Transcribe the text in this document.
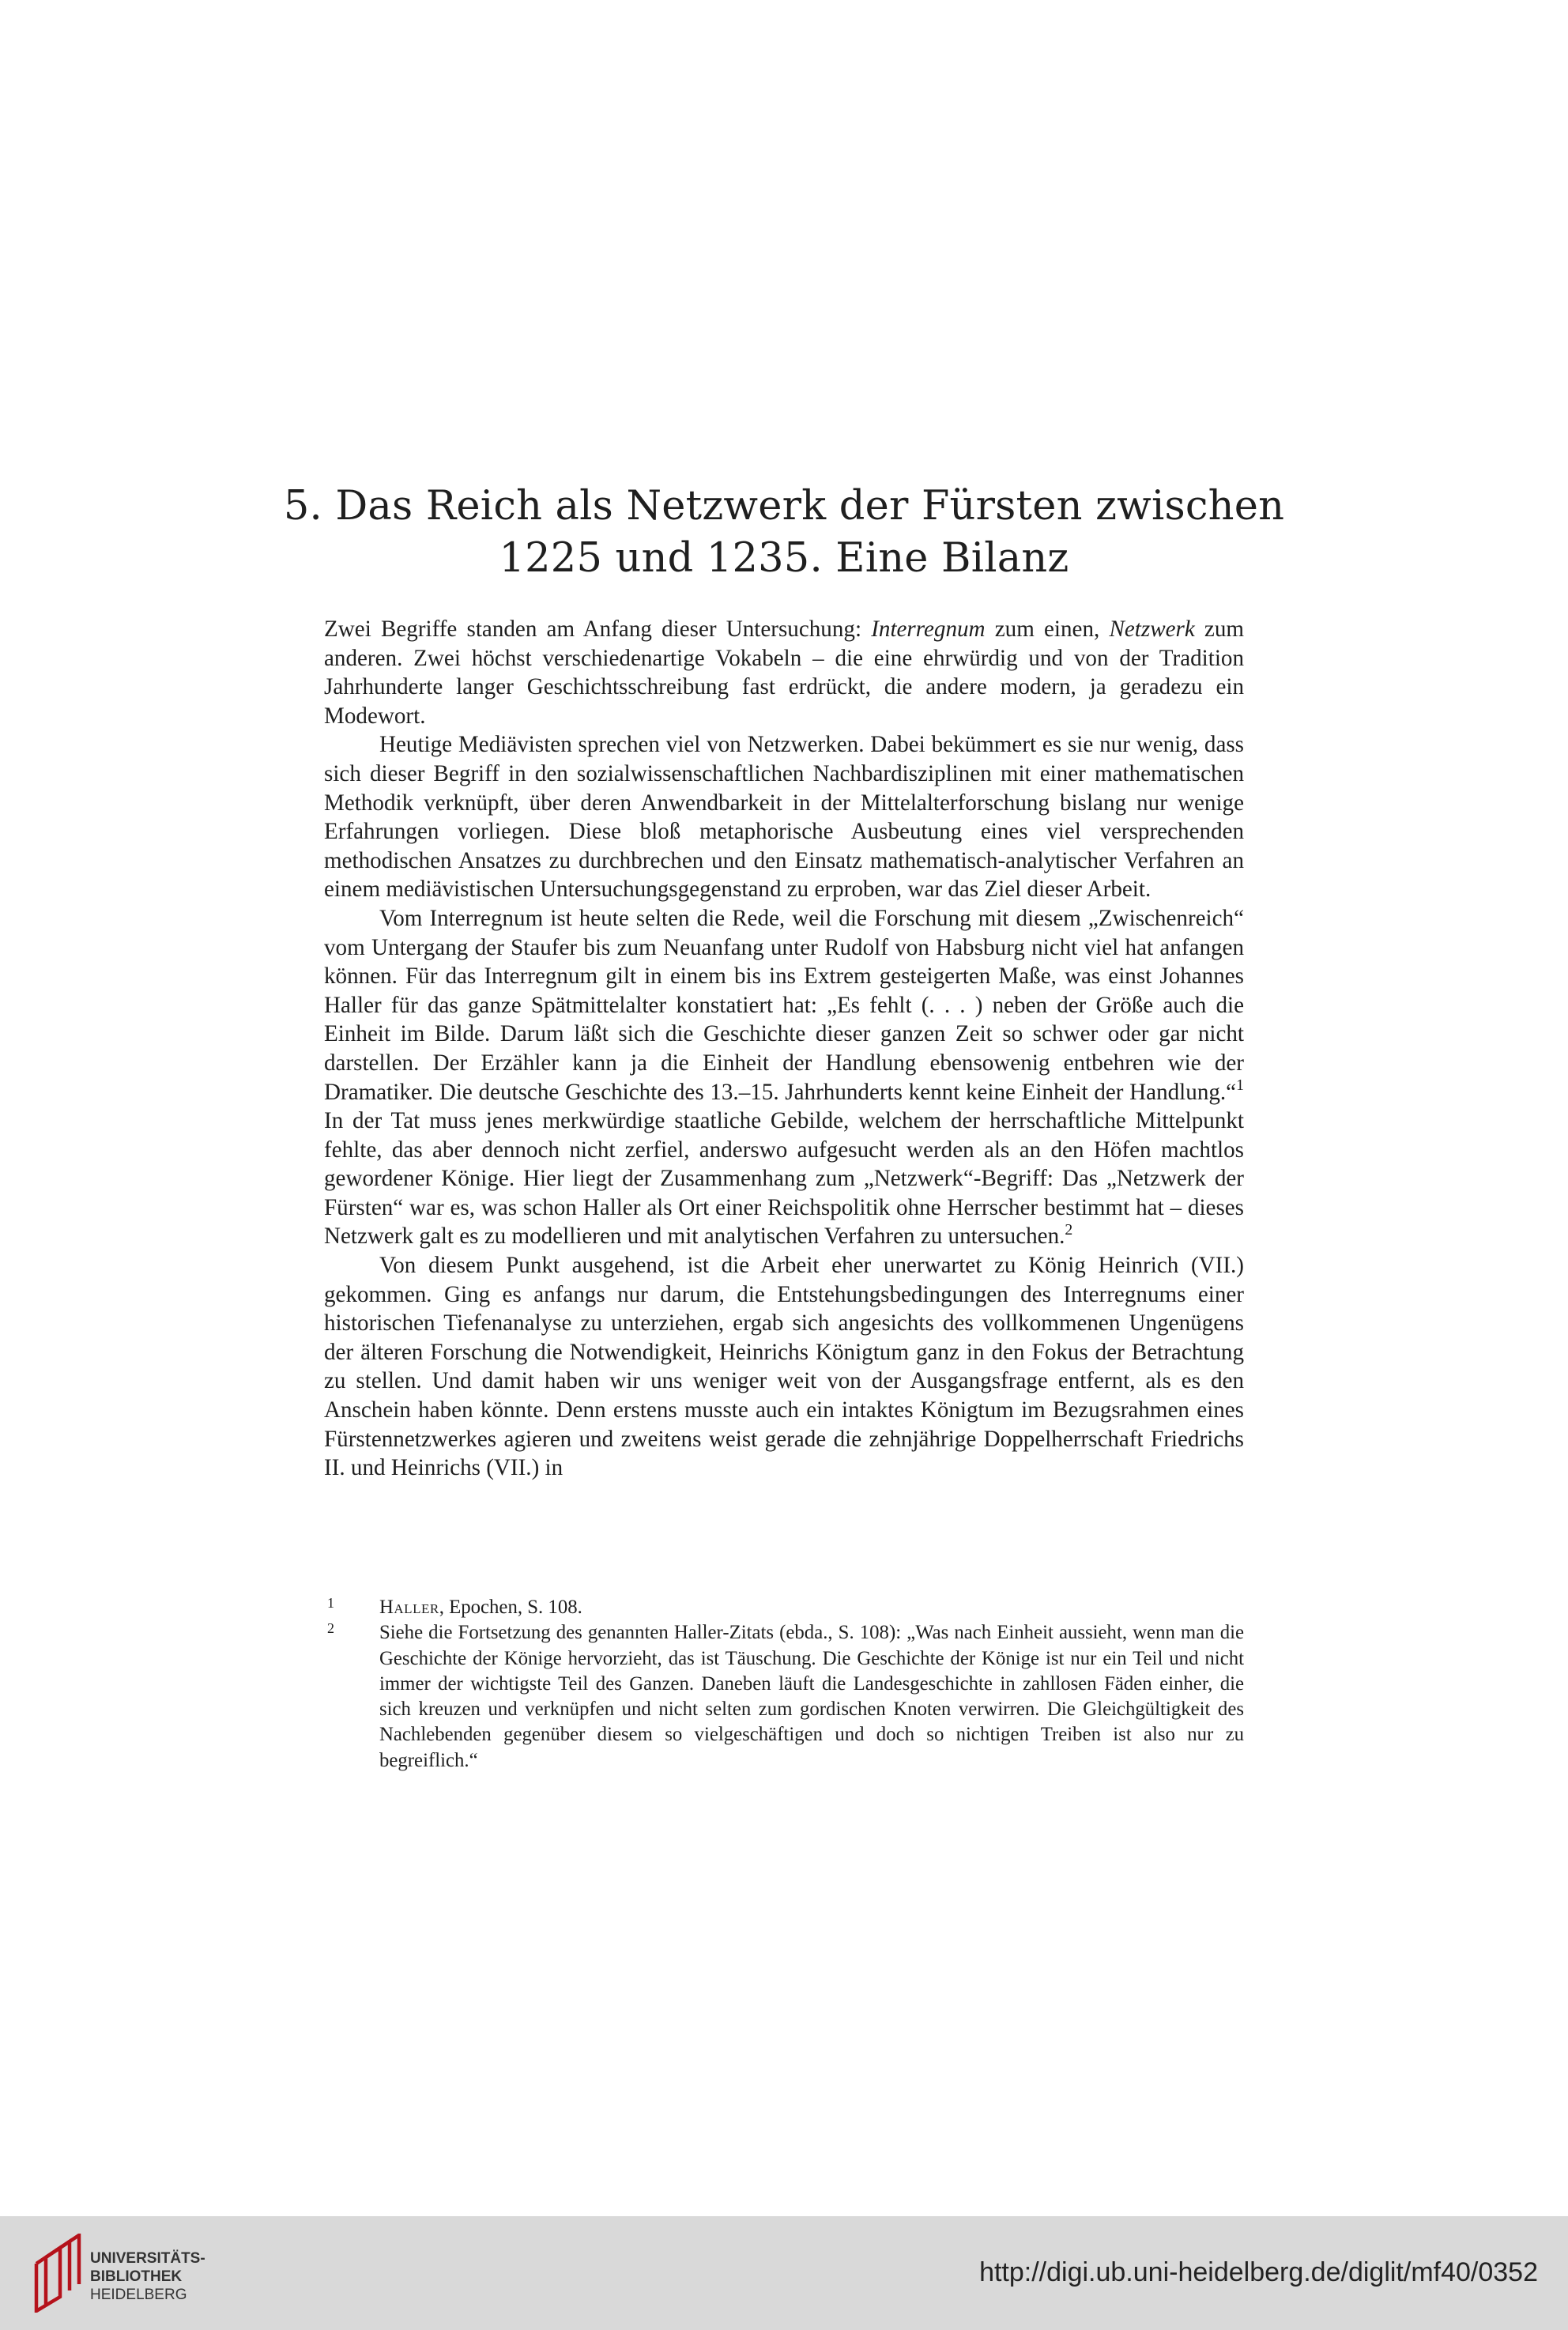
5. Das Reich als Netzwerk der Fürsten zwischen
1225 und 1235. Eine Bilanz

Zwei Begriffe standen am Anfang dieser Untersuchung: Interregnum zum einen, Netzwerk zum anderen. Zwei höchst verschiedenartige Vokabeln – die eine ehrwürdig und von der Tradition Jahrhunderte langer Geschichtsschreibung fast erdrückt, die andere modern, ja geradezu ein Modewort.

Heutige Mediävisten sprechen viel von Netzwerken. Dabei bekümmert es sie nur wenig, dass sich dieser Begriff in den sozialwissenschaftlichen Nachbardisziplinen mit einer mathematischen Methodik verknüpft, über deren Anwendbarkeit in der Mittelalterforschung bislang nur wenige Erfahrungen vorliegen. Diese bloß metaphorische Ausbeutung eines viel versprechenden methodischen Ansatzes zu durchbrechen und den Einsatz mathematisch-analytischer Verfahren an einem mediävistischen Untersuchungsgegenstand zu erproben, war das Ziel dieser Arbeit.

Vom Interregnum ist heute selten die Rede, weil die Forschung mit diesem „Zwischenreich“ vom Untergang der Staufer bis zum Neuanfang unter Rudolf von Habsburg nicht viel hat anfangen können. Für das Interregnum gilt in einem bis ins Extrem gesteigerten Maße, was einst Johannes Haller für das ganze Spätmittelalter konstatiert hat: „Es fehlt (. . . ) neben der Größe auch die Einheit im Bilde. Darum läßt sich die Geschichte dieser ganzen Zeit so schwer oder gar nicht darstellen. Der Erzähler kann ja die Einheit der Handlung ebensowenig entbehren wie der Dramatiker. Die deutsche Geschichte des 13.–15. Jahrhunderts kennt keine Einheit der Handlung.“$^1$ In der Tat muss jenes merkwürdige staatliche Gebilde, welchem der herrschaftliche Mittelpunkt fehlte, das aber dennoch nicht zerfiel, anderswo aufgesucht werden als an den Höfen machtlos gewordener Könige. Hier liegt der Zusammenhang zum „Netzwerk“-Begriff: Das „Netzwerk der Fürsten“ war es, was schon Haller als Ort einer Reichspolitik ohne Herrscher bestimmt hat – dieses Netzwerk galt es zu modellieren und mit analytischen Verfahren zu untersuchen.$^2$

Von diesem Punkt ausgehend, ist die Arbeit eher unerwartet zu König Heinrich (VII.) gekommen. Ging es anfangs nur darum, die Entstehungsbedingungen des Interregnums einer historischen Tiefenanalyse zu unterziehen, ergab sich angesichts des vollkommenen Ungenügens der älteren Forschung die Notwendigkeit, Heinrichs Königtum ganz in den Fokus der Betrachtung zu stellen. Und damit haben wir uns weniger weit von der Ausgangsfrage entfernt, als es den Anschein haben könnte. Denn erstens musste auch ein intaktes Königtum im Bezugsrahmen eines Fürstennetzwerkes agieren und zweitens weist gerade die zehnjährige Doppelherrschaft Friedrichs II. und Heinrichs (VII.) in

1 Haller, Epochen, S. 108.
2 Siehe die Fortsetzung des genannten Haller-Zitats (ebda., S. 108): „Was nach Einheit aussieht, wenn man die Geschichte der Könige hervorzieht, das ist Täuschung. Die Geschichte der Könige ist nur ein Teil und nicht immer der wichtigste Teil des Ganzen. Daneben läuft die Landesgeschichte in zahllosen Fäden einher, die sich kreuzen und verknüpfen und nicht selten zum gordischen Knoten verwirren. Die Gleichgültigkeit des Nachlebenden gegenüber diesem so vielgeschäftigen und doch so nichtigen Treiben ist also nur zu begreiflich.“
UNIVERSITÄTS-
BIBLIOTHEK
HEIDELBERG
http://digi.ub.uni-heidelberg.de/diglit/mf40/0352
